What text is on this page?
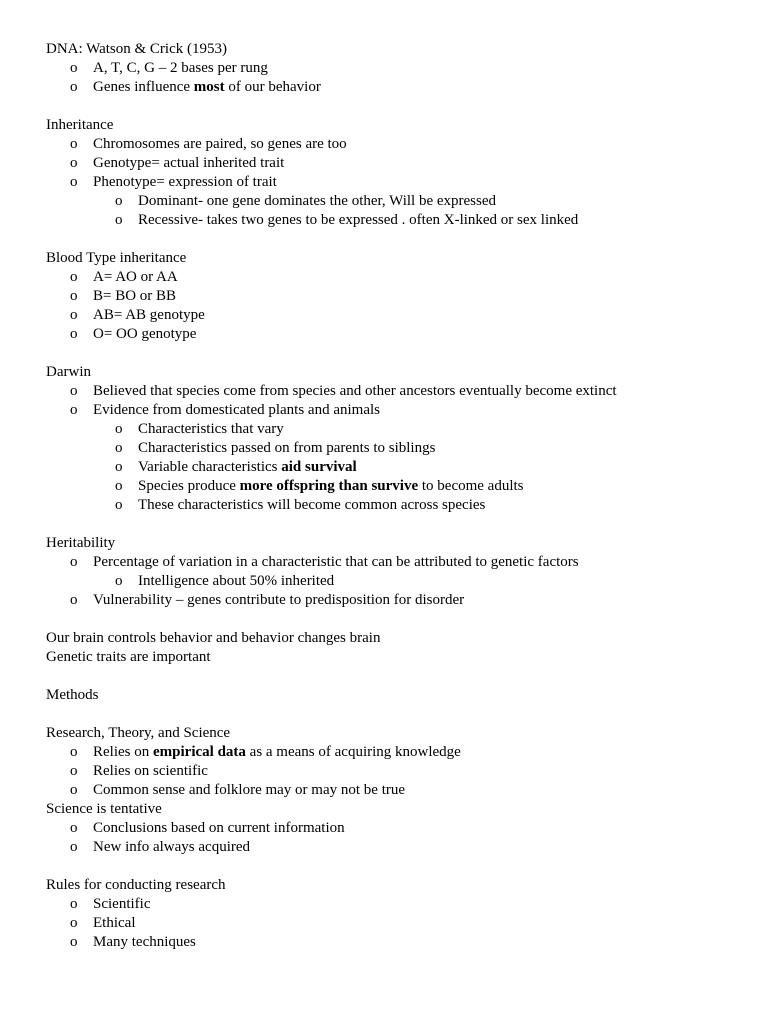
DNA: Watson & Crick (1953)
o A, T, C, G – 2 bases per rung
o Genes influence most of our behavior
Inheritance
o Chromosomes are paired, so genes are too
o Genotype= actual inherited trait
o Phenotype= expression of trait
o Dominant- one gene dominates the other, Will be expressed
o Recessive- takes two genes to be expressed . often X-linked or sex linked
Blood Type inheritance
o A= AO or AA
o B= BO or BB
o AB= AB genotype
o O= OO genotype
Darwin
o Believed that species come from species and other ancestors eventually become extinct
o Evidence from domesticated plants and animals
o Characteristics that vary
o Characteristics passed on from parents to siblings
o Variable characteristics aid survival
o Species produce more offspring than survive to become adults
o These characteristics will become common across species
Heritability
o Percentage of variation in a characteristic that can be attributed to genetic factors
o Intelligence about 50% inherited
o Vulnerability – genes contribute to predisposition for disorder
Our brain controls behavior and behavior changes brain
Genetic traits are important
Methods
Research, Theory, and Science
o Relies on empirical data as a means of acquiring knowledge
o Relies on scientific
o Common sense and folklore may or may not be true
Science is tentative
o Conclusions based on current information
o New info always acquired
Rules for conducting research
o Scientific
o Ethical
o Many techniques
